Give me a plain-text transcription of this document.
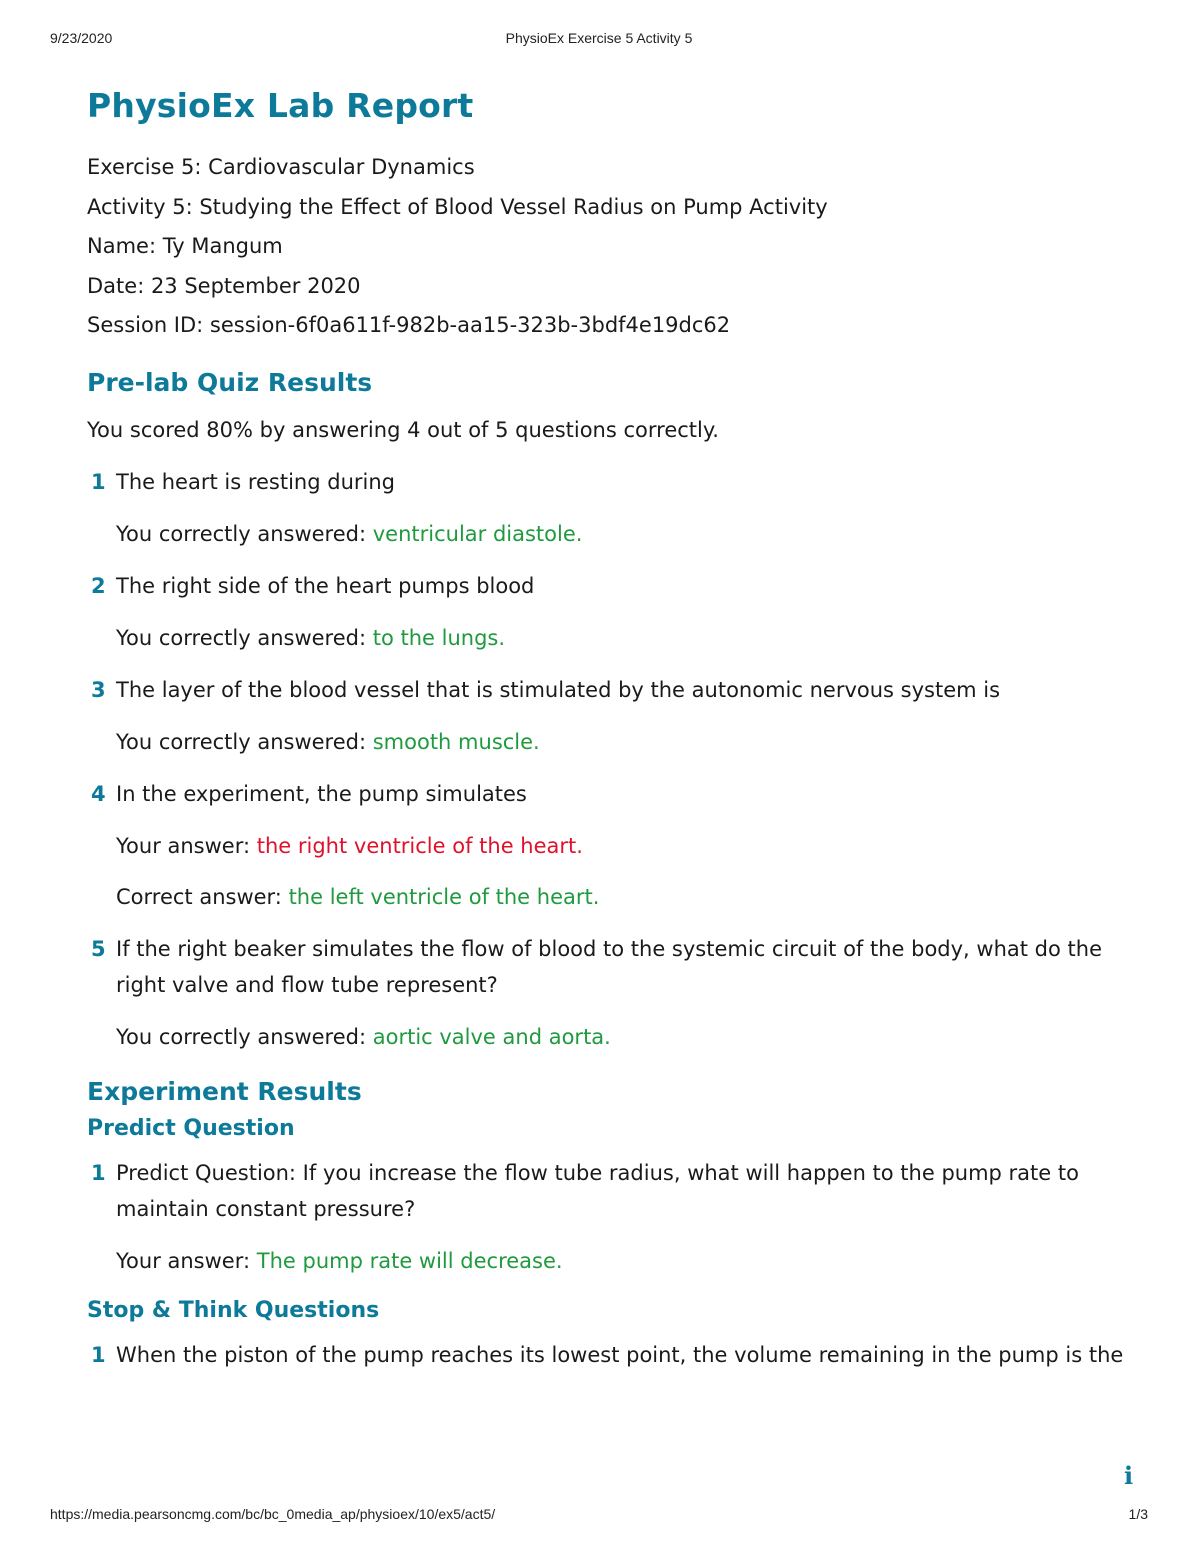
9/23/2020	PhysioEx Exercise 5 Activity 5
PhysioEx Lab Report

Exercise 5: Cardiovascular Dynamics

Activity 5: Studying the Effect of Blood Vessel Radius on Pump Activity

Name: Ty Mangum

Date: 23 September 2020

Session ID: session-6f0a611f-982b-aa15-323b-3bdf4e19dc62

Pre-lab Quiz Results

You scored 80% by answering 4 out of 5 questions correctly.

1 The heart is resting during
You correctly answered: ventricular diastole.
2 The right side of the heart pumps blood
You correctly answered: to the lungs.
3 The layer of the blood vessel that is stimulated by the autonomic nervous system is
You correctly answered: smooth muscle.
4 In the experiment, the pump simulates
Your answer: the right ventricle of the heart.
Correct answer: the left ventricle of the heart.
5 If the right beaker simulates the flow of blood to the systemic circuit of the body, what do the right valve and flow tube represent?
You correctly answered: aortic valve and aorta.
Experiment Results
Predict Question
1 Predict Question: If you increase the flow tube radius, what will happen to the pump rate to maintain constant pressure?
Your answer: The pump rate will decrease.
Stop & Think Questions
1 When the piston of the pump reaches its lowest point, the volume remaining in the pump is the
i
https://media.pearsoncmg.com/bc/bc_0media_ap/physioex/10/ex5/act5/	1/3
